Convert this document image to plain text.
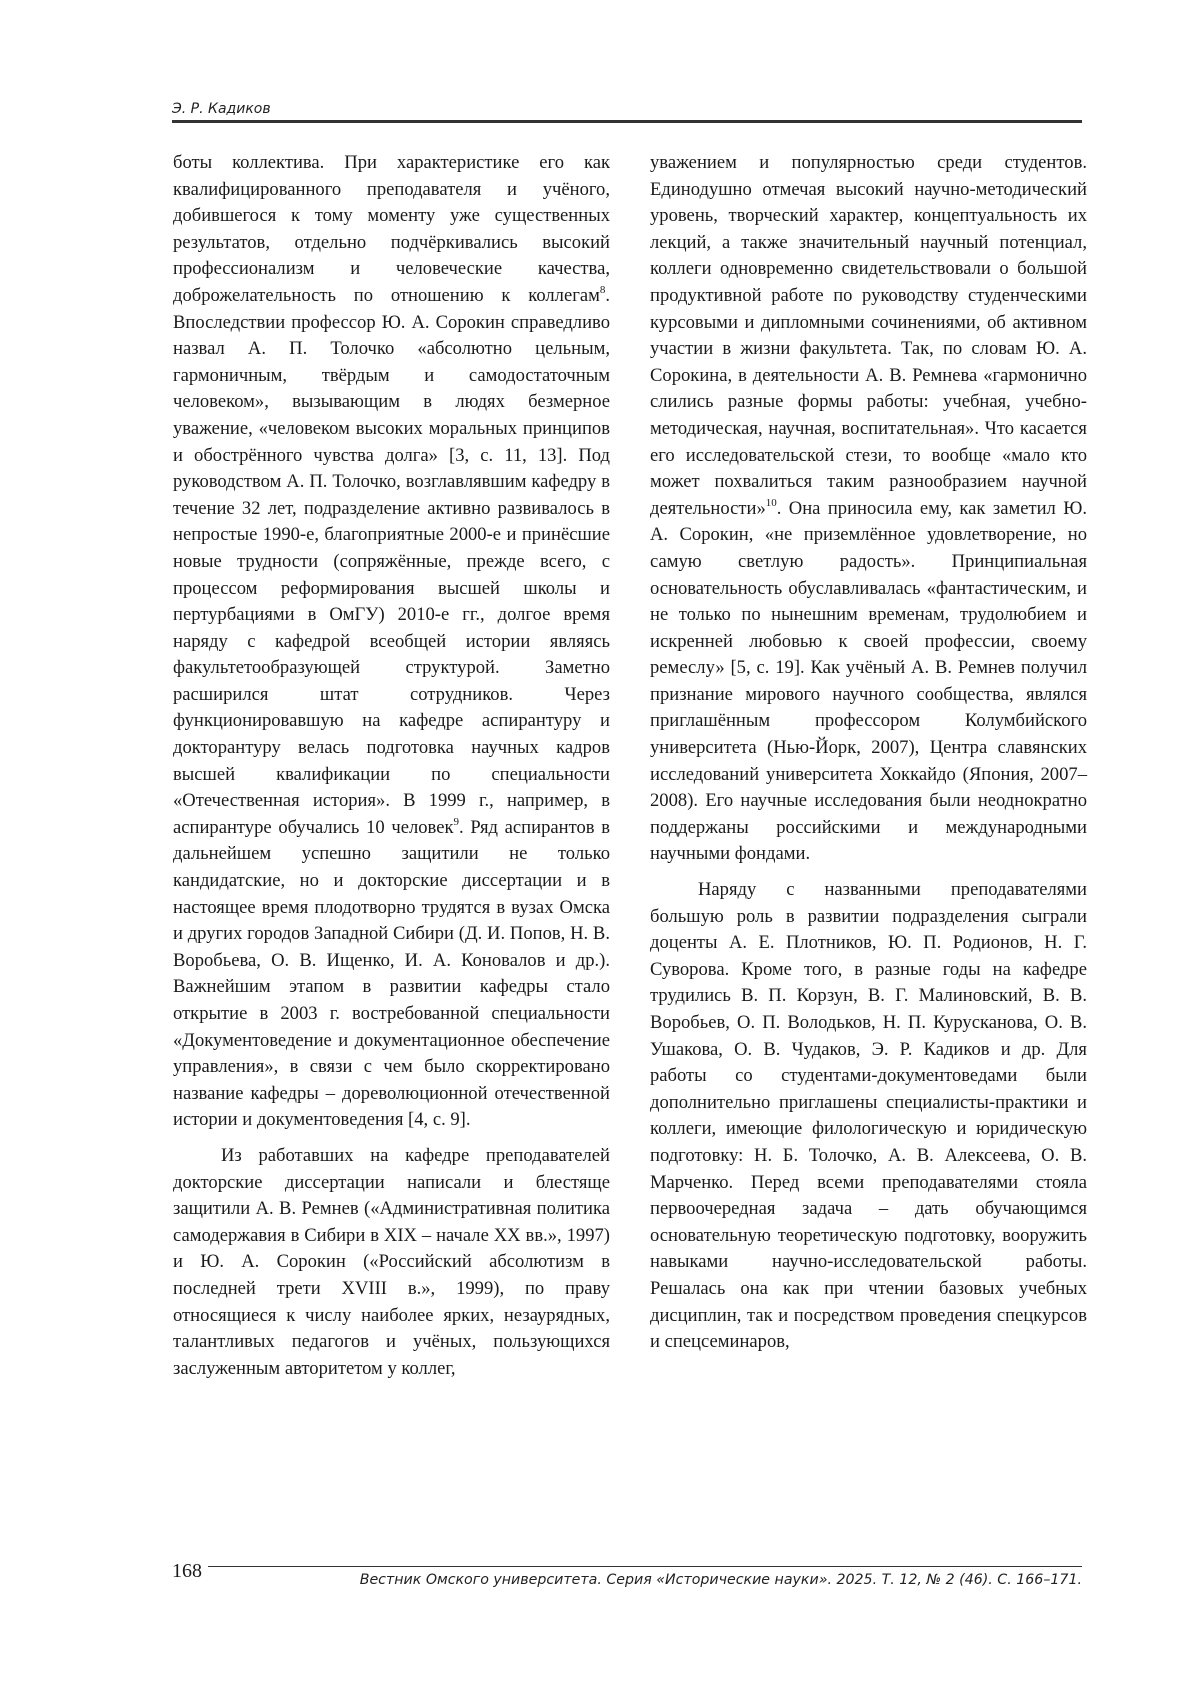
Э. Р. Кадиков

боты коллектива. При характеристике его как квалифицированного преподавателя и учёного, добившегося к тому моменту уже существенных результатов, отдельно подчёркивались высокий профессионализм и человеческие качества, доброжелательность по отношению к коллегам$^8$. Впоследствии профессор Ю. А. Сорокин справедливо назвал А. П. Толочко «абсолютно цельным, гармоничным, твёрдым и самодостаточным человеком», вызывающим в людях безмерное уважение, «человеком высоких моральных принципов и обострённого чувства долга» [3, с. 11, 13]. Под руководством А. П. Толочко, возглавлявшим кафедру в течение 32 лет, подразделение активно развивалось в непростые 1990-е, благоприятные 2000-е и принёсшие новые трудности (сопряжённые, прежде всего, с процессом реформирования высшей школы и пертурбациями в ОмГУ) 2010-е гг., долгое время наряду с кафедрой всеобщей истории являясь факультетообразующей структурой. Заметно расширился штат сотрудников. Через функционировавшую на кафедре аспирантуру и докторантуру велась подготовка научных кадров высшей квалификации по специальности «Отечественная история». В 1999 г., например, в аспирантуре обучались 10 человек$^9$. Ряд аспирантов в дальнейшем успешно защитили не только кандидатские, но и докторские диссертации и в настоящее время плодотворно трудятся в вузах Омска и других городов Западной Сибири (Д. И. Попов, Н. В. Воробьева, О. В. Ищенко, И. А. Коновалов и др.). Важнейшим этапом в развитии кафедры стало открытие в 2003 г. востребованной специальности «Документоведение и документационное обеспечение управления», в связи с чем было скорректировано название кафедры – дореволюционной отечественной истории и документоведения [4, с. 9].

Из работавших на кафедре преподавателей докторские диссертации написали и блестяще защитили А. В. Ремнев («Административная политика самодержавия в Сибири в XIX – начале XX вв.», 1997) и Ю. А. Сорокин («Российский абсолютизм в последней трети XVIII в.», 1999), по праву относящиеся к числу наиболее ярких, незаурядных, талантливых педагогов и учёных, пользующихся заслуженным авторитетом у коллег,

уважением и популярностью среди студентов. Единодушно отмечая высокий научно-методический уровень, творческий характер, концептуальность их лекций, а также значительный научный потенциал, коллеги одновременно свидетельствовали о большой продуктивной работе по руководству студенческими курсовыми и дипломными сочинениями, об активном участии в жизни факультета. Так, по словам Ю. А. Сорокина, в деятельности А. В. Ремнева «гармонично слились разные формы работы: учебная, учебно-методическая, научная, воспитательная». Что касается его исследовательской стези, то вообще «мало кто может похвалиться таким разнообразием научной деятельности»$^{10}$. Она приносила ему, как заметил Ю. А. Сорокин, «не приземлённое удовлетворение, но самую светлую радость». Принципиальная основательность обуславливалась «фантастическим, и не только по нынешним временам, трудолюбием и искренней любовью к своей профессии, своему ремеслу» [5, с. 19]. Как учёный А. В. Ремнев получил признание мирового научного сообщества, являлся приглашённым профессором Колумбийского университета (Нью-Йорк, 2007), Центра славянских исследований университета Хоккайдо (Япония, 2007–2008). Его научные исследования были неоднократно поддержаны российскими и международными научными фондами.

Наряду с названными преподавателями большую роль в развитии подразделения сыграли доценты А. Е. Плотников, Ю. П. Родионов, Н. Г. Суворова. Кроме того, в разные годы на кафедре трудились В. П. Корзун, В. Г. Малиновский, В. В. Воробьев, О. П. Володьков, Н. П. Курусканова, О. В. Ушакова, О. В. Чудаков, Э. Р. Кадиков и др. Для работы со студентами-документоведами были дополнительно приглашены специалисты-практики и коллеги, имеющие филологическую и юридическую подготовку: Н. Б. Толочко, А. В. Алексеева, О. В. Марченко. Перед всеми преподавателями стояла первоочередная задача – дать обучающимся основательную теоретическую подготовку, вооружить навыками научно-исследовательской работы. Решалась она как при чтении базовых учебных дисциплин, так и посредством проведения спецкурсов и спецсеминаров,

168	Вестник Омского университета. Серия «Исторические науки». 2025. Т. 12, № 2 (46). С. 166–171.
